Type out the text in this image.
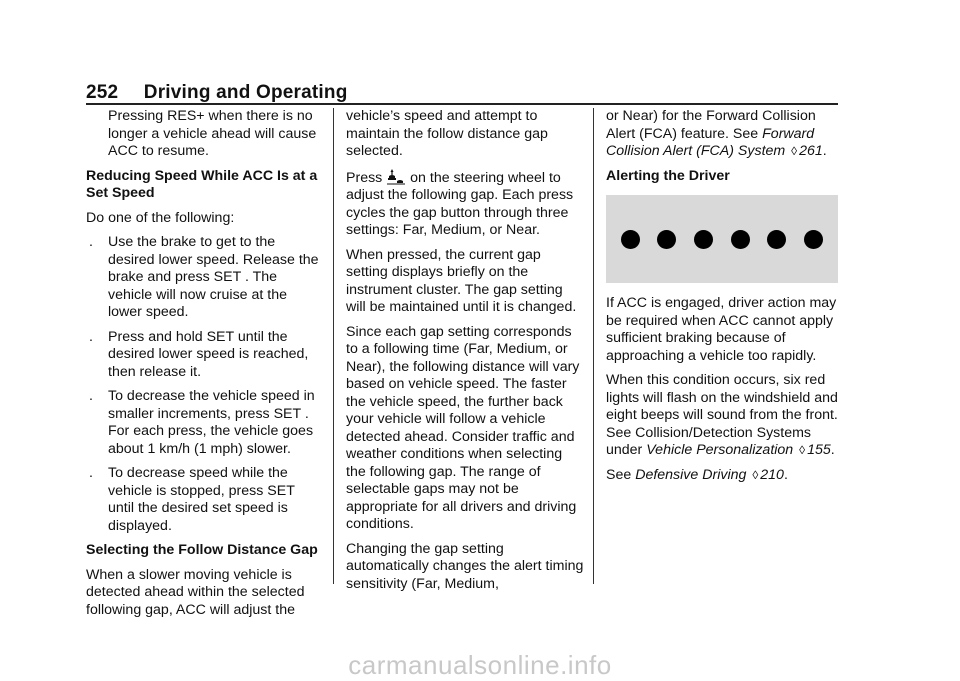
252 Driving and Operating

Pressing RES+ when there is no longer a vehicle ahead will cause ACC to resume.

Reducing Speed While ACC Is at a Set Speed

Do one of the following:

. Use the brake to get to the desired lower speed. Release the brake and press SET . The vehicle will now cruise at the lower speed.
. Press and hold SET until the desired lower speed is reached, then release it.
. To decrease the vehicle speed in smaller increments, press SET . For each press, the vehicle goes about 1 km/h (1 mph) slower.
. To decrease speed while the vehicle is stopped, press SET until the desired set speed is displayed.

Selecting the Follow Distance Gap

When a slower moving vehicle is detected ahead within the selected following gap, ACC will adjust the

vehicle’s speed and attempt to maintain the follow distance gap selected.

Press on the steering wheel to adjust the following gap. Each press cycles the gap button through three settings: Far, Medium, or Near.

When pressed, the current gap setting displays briefly on the instrument cluster. The gap setting will be maintained until it is changed.

Since each gap setting corresponds to a following time (Far, Medium, or Near), the following distance will vary based on vehicle speed. The faster the vehicle speed, the further back your vehicle will follow a vehicle detected ahead. Consider traffic and weather conditions when selecting the following gap. The range of selectable gaps may not be appropriate for all drivers and driving conditions.

Changing the gap setting automatically changes the alert timing sensitivity (Far, Medium,

or Near) for the Forward Collision Alert (FCA) feature. See Forward Collision Alert (FCA) System ◊ 261.

Alerting the Driver

If ACC is engaged, driver action may be required when ACC cannot apply sufficient braking because of approaching a vehicle too rapidly.

When this condition occurs, six red lights will flash on the windshield and eight beeps will sound from the front. See Collision/Detection Systems under Vehicle Personalization ◊ 155.

See Defensive Driving ◊ 210.

carmanualsonline.info
